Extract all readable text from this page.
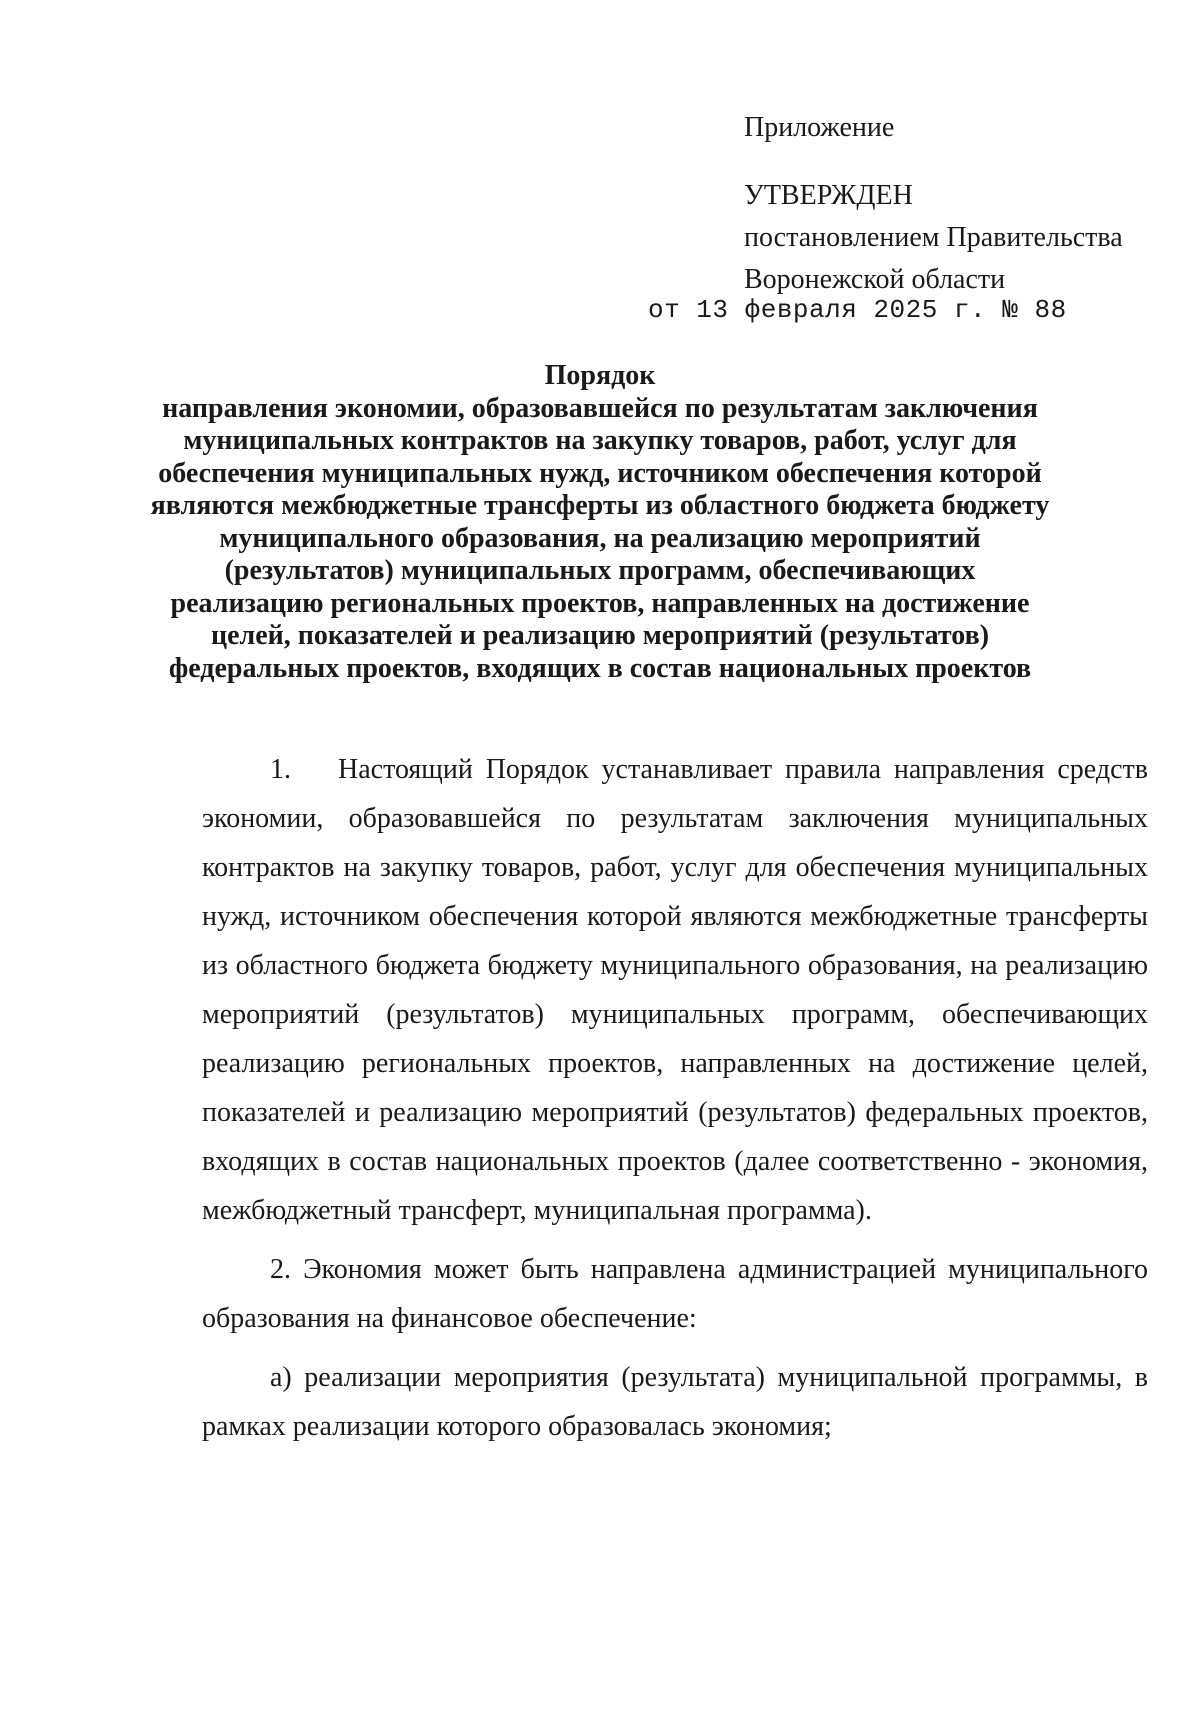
Приложение

УТВЕРЖДЕН
постановлением Правительства
Воронежской области
от 13 февраля 2025 г. № 88

Порядок

направления экономии, образовавшейся по результатам заключения муниципальных контрактов на закупку товаров, работ, услуг для обеспечения муниципальных нужд, источником обеспечения которой являются межбюджетные трансферты из областного бюджета бюджету муниципального образования, на реализацию мероприятий (результатов) муниципальных программ, обеспечивающих реализацию региональных проектов, направленных на достижение целей, показателей и реализацию мероприятий (результатов) федеральных проектов, входящих в состав национальных проектов

1. Настоящий Порядок устанавливает правила направления средств экономии, образовавшейся по результатам заключения муниципальных контрактов на закупку товаров, работ, услуг для обеспечения муниципальных нужд, источником обеспечения которой являются межбюджетные трансферты из областного бюджета бюджету муниципального образования, на реализацию мероприятий (результатов) муниципальных программ, обеспечивающих реализацию региональных проектов, направленных на достижение целей, показателей и реализацию мероприятий (результатов) федеральных проектов, входящих в состав национальных проектов (далее соответственно - экономия, межбюджетный трансферт, муниципальная программа).

2. Экономия может быть направлена администрацией муниципального образования на финансовое обеспечение:

а) реализации мероприятия (результата) муниципальной программы, в рамках реализации которого образовалась экономия;
